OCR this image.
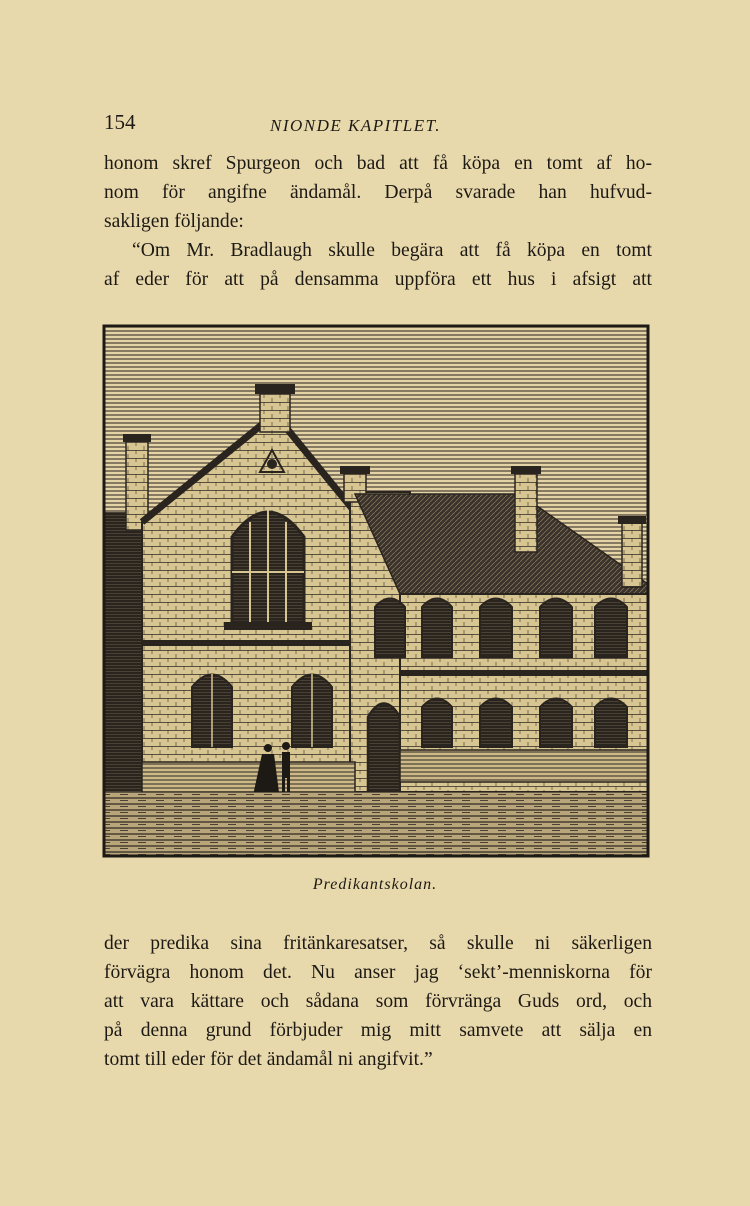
154	NIONDE KAPITLET.
honom skref Spurgeon och bad att få köpa en tomt af ho-
nom för angifne ändamål. Derpå svarade han hufvud-
sakligen följande:
“Om Mr. Bradlaugh skulle begära att få köpa en tomt
af eder för att på densamma uppföra ett hus i afsigt att
Predikantskolan.
der predika sina fritänkaresatser, så skulle ni säkerligen
förvägra honom det. Nu anser jag ‘sekt’-menniskorna för
att vara kättare och sådana som förvränga Guds ord, och
på denna grund förbjuder mig mitt samvete att sälja en
tomt till eder för det ändamål ni angifvit.”
